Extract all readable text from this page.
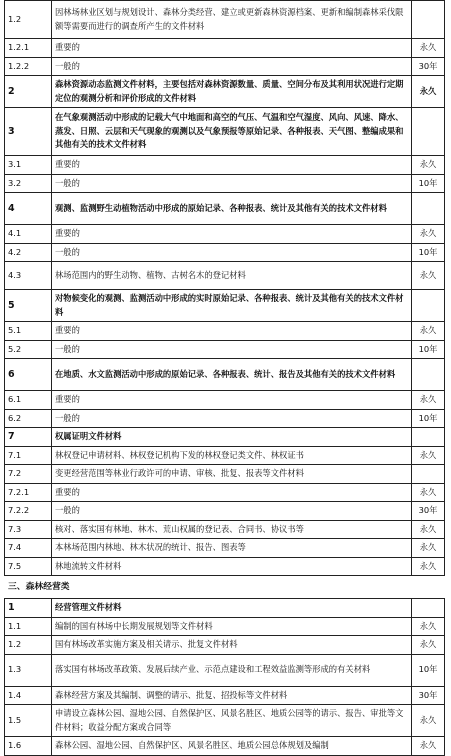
1.2	因林场林业区划与规划设计、森林分类经营、建立或更新森林资源档案、更新和编制森林采伐限额等需要而进行的调查所产生的文件材料	
1.2.1	重要的	永久
1.2.2	一般的	30年
2	森林资源动态监测文件材料，主要包括对森林资源数量、质量、空间分布及其利用状况进行定期定位的观测分析和评价形成的文件材料	永久
3	在气象观测活动中形成的记载大气中地面和高空的气压、气温和空气湿度、风向、风速、降水、蒸发、日照、云层和天气现象的观测以及气象预报等原始记录、各种报表、天气图、整编成果和其他有关的技术文件材料	
3.1	重要的	永久
3.2	一般的	10年
4	观测、监测野生动植物活动中形成的原始记录、各种报表、统计及其他有关的技术文件材料	
4.1	重要的	永久
4.2	一般的	10年
4.3	林场范围内的野生动物、植物、古树名木的登记材料	永久
5	对物候变化的观测、监测活动中形成的实时原始记录、各种报表、统计及其他有关的技术文件材料	
5.1	重要的	永久
5.2	一般的	10年
6	在地质、水文监测活动中形成的原始记录、各种报表、统计、报告及其他有关的技术文件材料	
6.1	重要的	永久
6.2	一般的	10年
7	权属证明文件材料	
7.1	林权登记申请材料、林权登记机构下发的林权登记类文件、林权证书	永久
7.2	变更经营范围等林业行政许可的申请、审核、批复、报表等文件材料	
7.2.1	重要的	永久
7.2.2	一般的	30年
7.3	核对、落实国有林地、林木、荒山权属的登记表、合同书、协议书等	永久
7.4	本林场范围内林地、林木状况的统计、报告、图表等	永久
7.5	林地流转文件材料	永久
三、森林经营类
1	经营管理文件材料	
1.1	编制的国有林场中长期发展规划等文件材料	永久
1.2	国有林场改革实施方案及相关请示、批复文件材料	永久
1.3	落实国有林场改革政策、发展后续产业、示范点建设和工程效益监测等形成的有关材料	10年
1.4	森林经营方案及其编制、调整的请示、批复、招投标等文件材料	30年
1.5	申请设立森林公园、湿地公园、自然保护区、风景名胜区、地质公园等的请示、报告、审批等文件材料；收益分配方案或合同等	永久
1.6	森林公园、湿地公园、自然保护区、风景名胜区、地质公园总体规划及编制	永久
